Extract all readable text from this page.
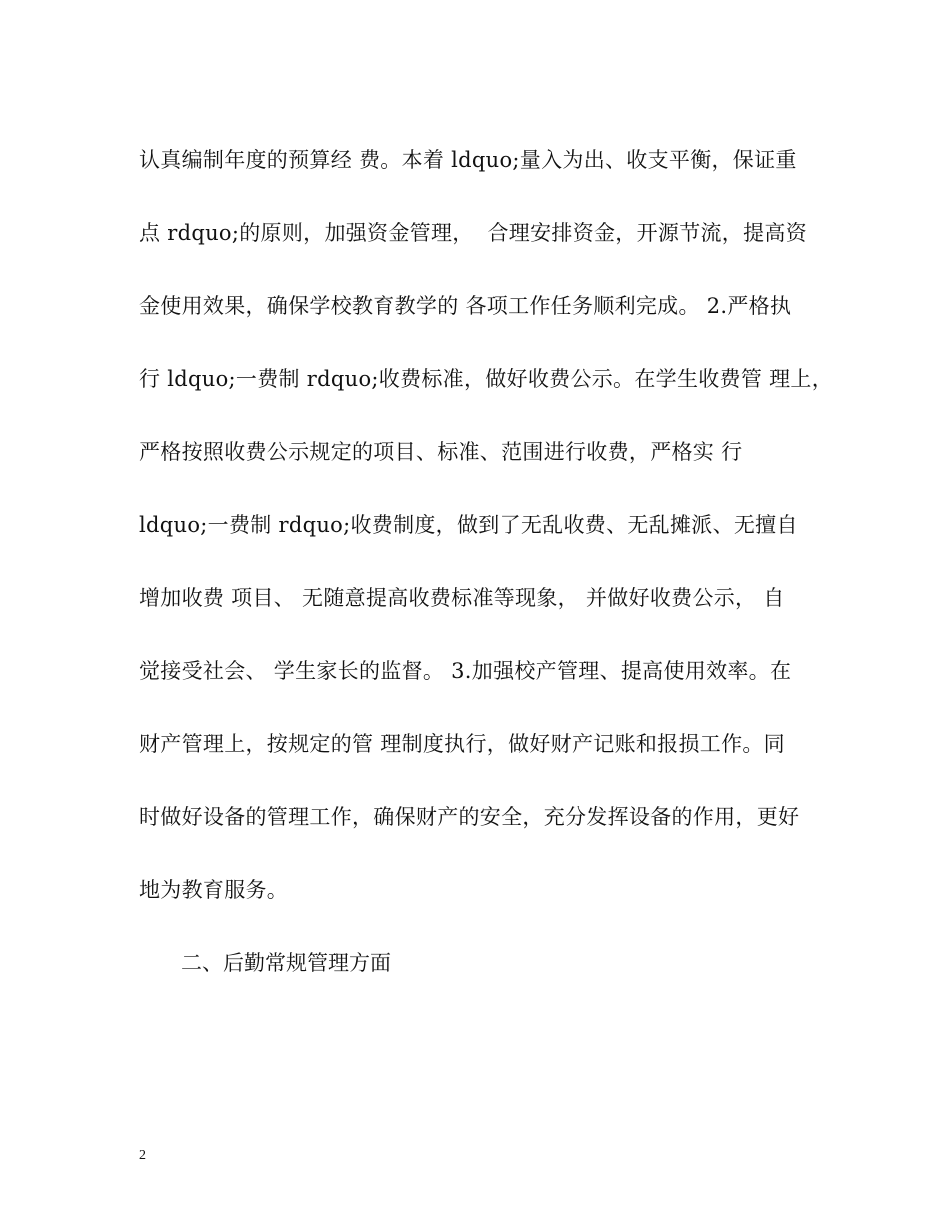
认真编制年度的预算经 费。本着 ldquo;量入为出、收支平衡，保证重
点 rdquo;的原则，加强资金管理，  合理安排资金，开源节流，提高资
金使用效果，确保学校教育教学的 各项工作任务顺利完成。 2.严格执
行 ldquo;一费制 rdquo;收费标准，做好收费公示。在学生收费管 理上，
严格按照收费公示规定的项目、标准、范围进行收费，严格实 行
ldquo;一费制 rdquo;收费制度，做到了无乱收费、无乱摊派、无擅自
增加收费 项目、 无随意提高收费标准等现象， 并做好收费公示， 自
觉接受社会、 学生家长的监督。 3.加强校产管理、提高使用效率。在
财产管理上，按规定的管 理制度执行，做好财产记账和报损工作。同
时做好设备的管理工作，确保财产的安全，充分发挥设备的作用，更好
地为教育服务。
二、后勤常规管理方面
2
